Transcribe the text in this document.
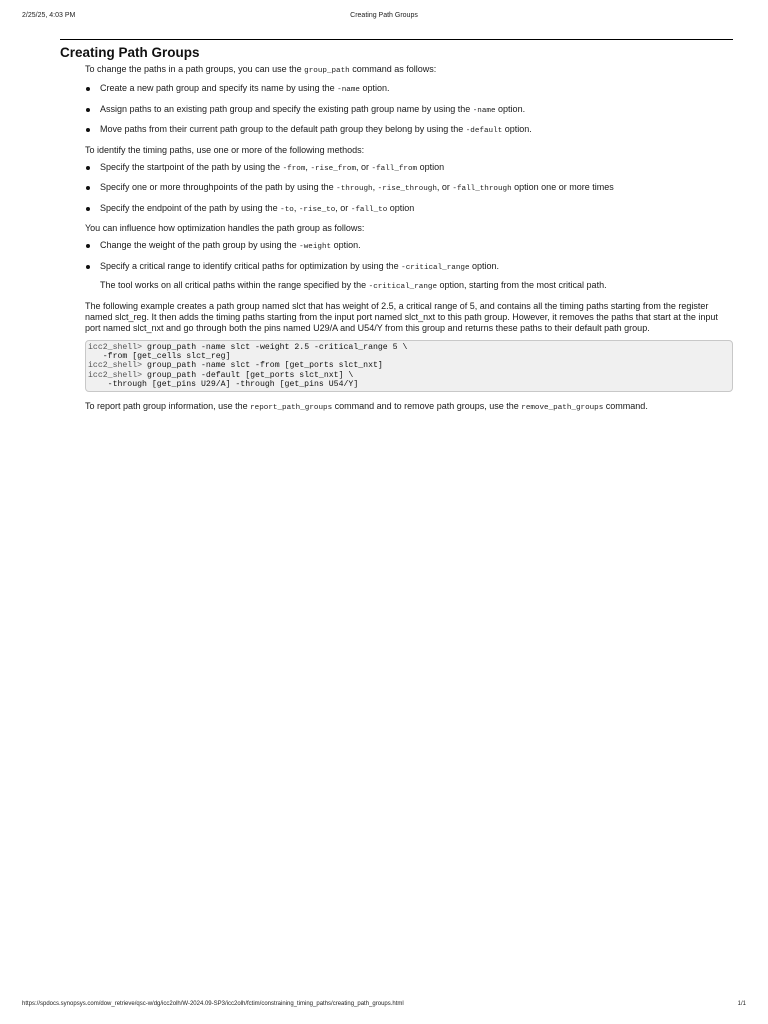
2/25/25, 4:03 PM	Creating Path Groups
Creating Path Groups

To change the paths in a path groups, you can use the group_path command as follows:

Create a new path group and specify its name by using the -name option.
Assign paths to an existing path group and specify the existing path group name by using the -name option.
Move paths from their current path group to the default path group they belong by using the -default option.

To identify the timing paths, use one or more of the following methods:

Specify the startpoint of the path by using the -from, -rise_from, or -fall_from option
Specify one or more throughpoints of the path by using the -through, -rise_through, or -fall_through option one or more times
Specify the endpoint of the path by using the -to, -rise_to, or -fall_to option

You can influence how optimization handles the path group as follows:

Change the weight of the path group by using the -weight option.
Specify a critical range to identify critical paths for optimization by using the -critical_range option.

The tool works on all critical paths within the range specified by the -critical_range option, starting from the most critical path.

The following example creates a path group named slct that has weight of 2.5, a critical range of 5, and contains all the timing paths starting from the register named slct_reg. It then adds the timing paths starting from the input port named slct_nxt to this path group. However, it removes the paths that start at the input port named slct_nxt and go through both the pins named U29/A and U54/Y from this group and returns these paths to their default path group.

icc2_shell> group_path -name slct -weight 2.5 -critical_range 5 \
-from [get_cells slct_reg]
icc2_shell> group_path -name slct -from [get_ports slct_nxt]
icc2_shell> group_path -default [get_ports slct_nxt] \
-through [get_pins U29/A] -through [get_pins U54/Y]

To report path group information, use the report_path_groups command and to remove path groups, use the remove_path_groups command.

https://spdocs.synopsys.com/dow_retrieve/qsc-w/dg/icc2olh/W-2024.09-SP3/icc2olh/fctim/constraining_timing_paths/creating_path_groups.html	1/1
